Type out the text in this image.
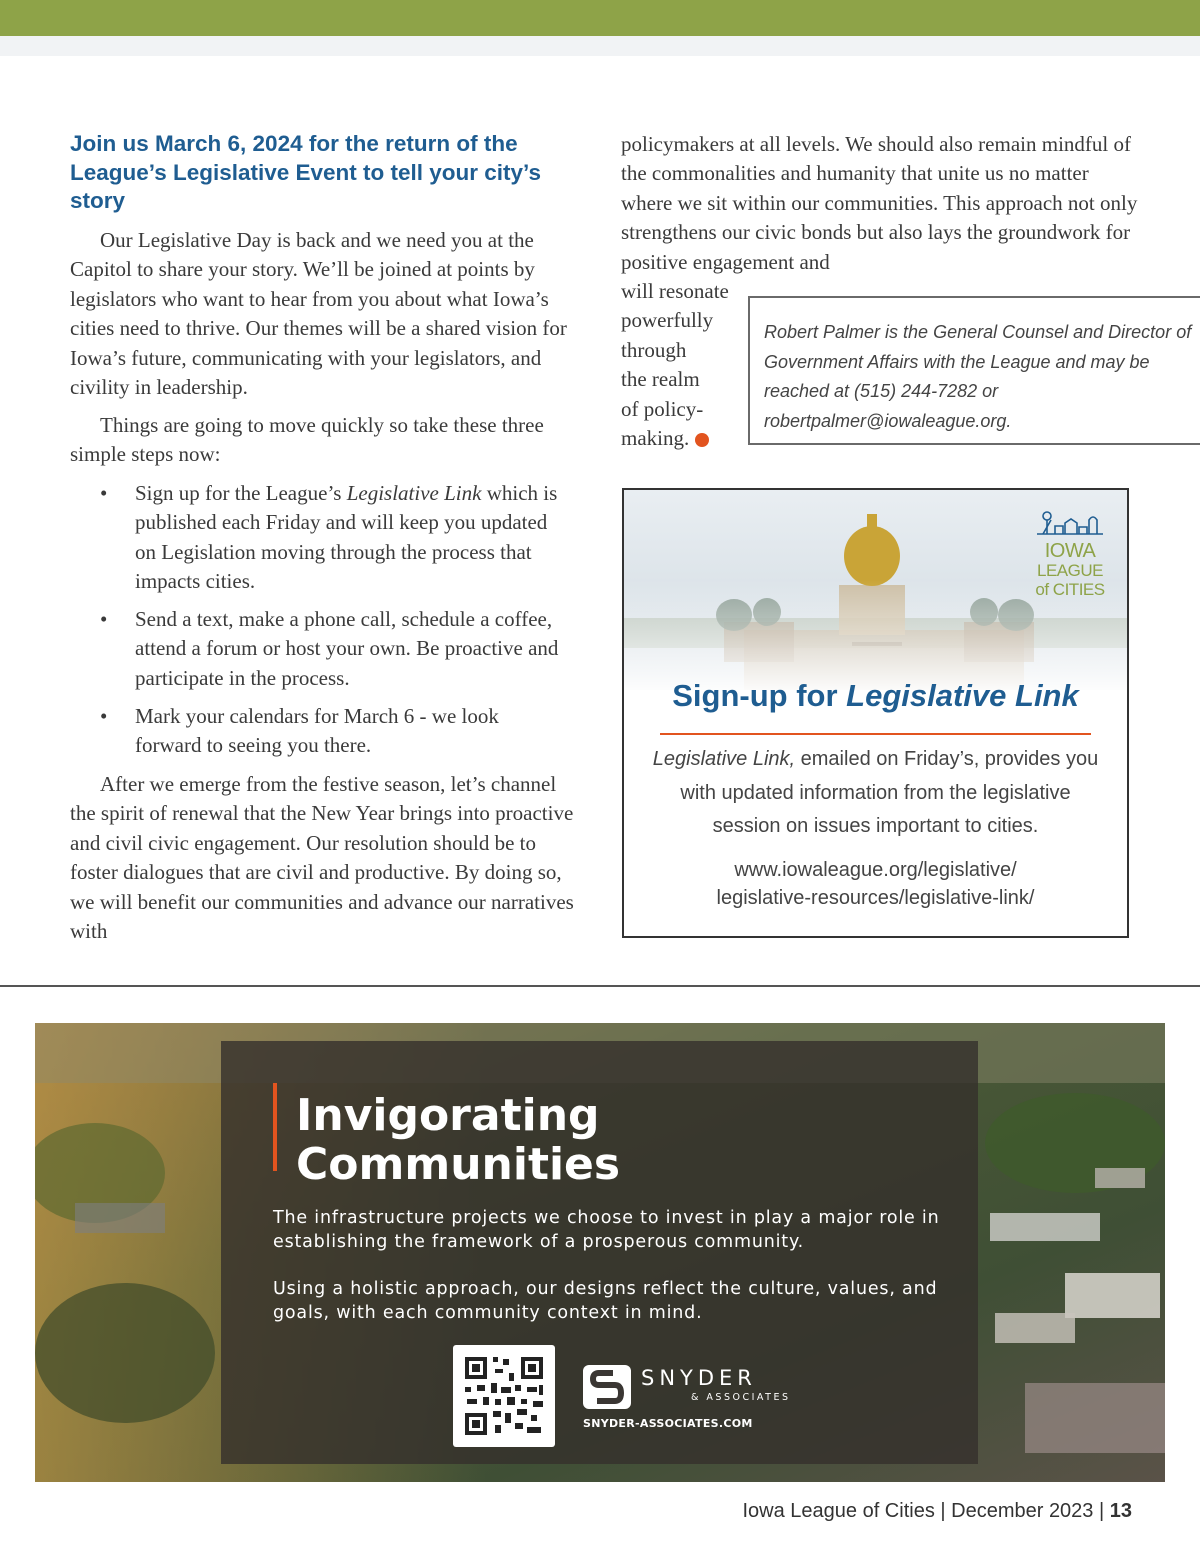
Join us March 6, 2024 for the return of the League’s Legislative Event to tell your city’s story

Our Legislative Day is back and we need you at the Capitol to share your story. We’ll be joined at points by legislators who want to hear from you about what Iowa’s cities need to thrive. Our themes will be a shared vision for Iowa’s future, communicating with your legislators, and civility in leadership.

Things are going to move quickly so take these three simple steps now:

• Sign up for the League’s Legislative Link which is published each Friday and will keep you updated on Legislation moving through the process that impacts cities.
• Send a text, make a phone call, schedule a coffee, attend a forum or host your own. Be proactive and participate in the process.
• Mark your calendars for March 6 - we look forward to seeing you there.

After we emerge from the festive season, let’s channel the spirit of renewal that the New Year brings into proactive and civil civic engagement. Our resolution should be to foster dialogues that are civil and productive. By doing so, we will benefit our communities and advance our narratives with

policymakers at all levels. We should also remain mindful of the commonalities and humanity that unite us no matter where we sit within our communities. This approach not only strengthens our civic bonds but also lays the groundwork for positive engagement and

will resonate
powerfully
through
the realm
of policy-
making.
Robert Palmer is the General Counsel and Director of Government Affairs with the League and may be reached at (515) 244-7282 or robertpalmer@iowaleague.org.
IOWA
LEAGUE
of CITIES
Sign-up for Legislative Link
Legislative Link, emailed on Friday’s, provides you with updated information from the legislative session on issues important to cities.
www.iowaleague.org/legislative/
legislative-resources/legislative-link/
Invigorating
Communities
The infrastructure projects we choose to invest in play a major role in establishing the framework of a prosperous community.
Using a holistic approach, our designs reflect the culture, values, and goals, with each community context in mind.
SNYDER
& ASSOCIATES
SNYDER-ASSOCIATES.COM
Iowa League of Cities | December 2023 | 13
